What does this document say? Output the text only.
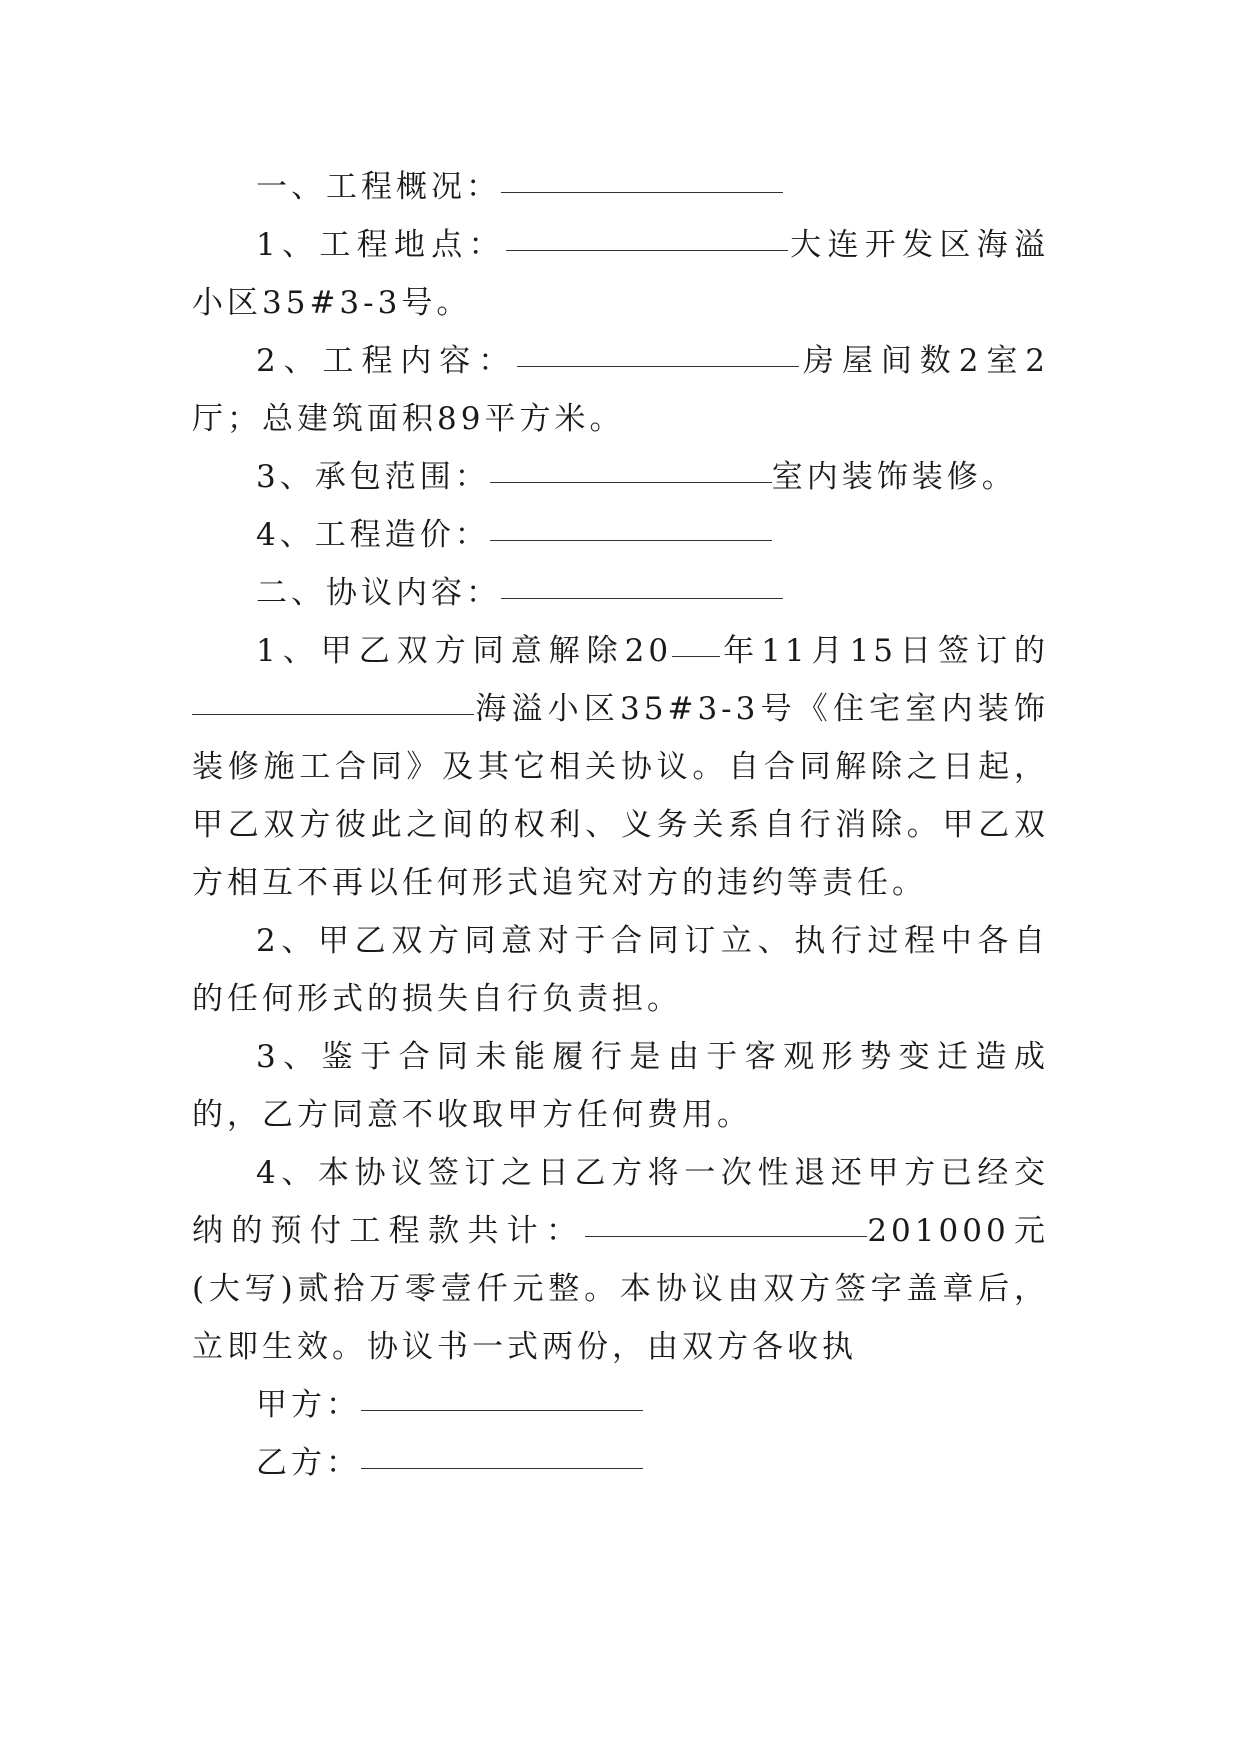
一、工程概况：

1、工程地点：	大连开发区海溢小区35#3-3号。

2、工程内容：	房屋间数2室2厅；总建筑面积89平方米。

3、承包范围：	室内装饰装修。

4、工程造价：

二、协议内容：

1、甲乙双方同意解除20 年11月15日签订的海溢小区35#3-3号《住宅室内装饰装修施工合同》及其它相关协议。自合同解除之日起，甲乙双方彼此之间的权利、义务关系自行消除。甲乙双方相互不再以任何形式追究对方的违约等责任。

2、甲乙双方同意对于合同订立、执行过程中各自的任何形式的损失自行负责担。

3、鉴于合同未能履行是由于客观形势变迁造成的，乙方同意不收取甲方任何费用。

4、本协议签订之日乙方将一次性退还甲方已经交纳的预付工程款共计：	201000元(大写)贰拾万零壹仟元整。本协议由双方签字盖章后，立即生效。协议书一式两份，由双方各收执

甲方：

乙方：
